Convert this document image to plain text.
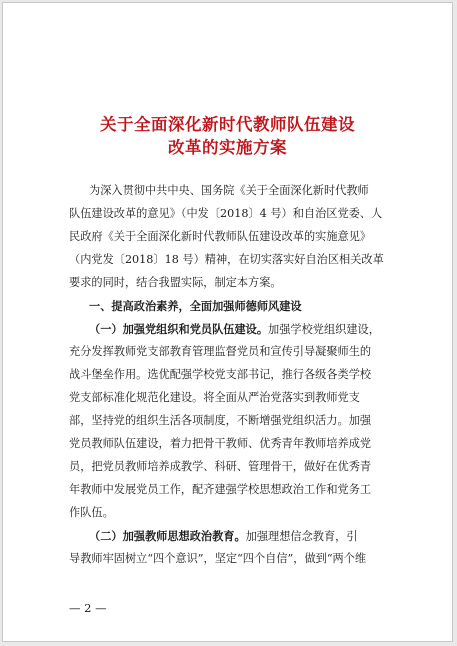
关于全面深化新时代教师队伍建设
改革的实施方案

为深入贯彻中共中央、国务院《关于全面深化新时代教师

队伍建设改革的意见》（中发〔2018〕4 号）和自治区党委、人

民政府《关于全面深化新时代教师队伍建设改革的实施意见》

（内党发〔2018〕18 号）精神，在切实落实好自治区相关改革

要求的同时，结合我盟实际，制定本方案。

一、提高政治素养，全面加强师德师风建设

（一）加强党组织和党员队伍建设。加强学校党组织建设，

充分发挥教师党支部教育管理监督党员和宣传引导凝聚师生的

战斗堡垒作用。选优配强学校党支部书记，推行各级各类学校

党支部标准化规范化建设。将全面从严治党落实到教师党支

部，坚持党的组织生活各项制度，不断增强党组织活力。加强

党员教师队伍建设，着力把骨干教师、优秀青年教师培养成党

员，把党员教师培养成教学、科研、管理骨干，做好在优秀青

年教师中发展党员工作，配齐建强学校思想政治工作和党务工

作队伍。

（二）加强教师思想政治教育。加强理想信念教育，引

导教师牢固树立“四个意识”，坚定“四个自信”，做到“两个维

— 2 —
